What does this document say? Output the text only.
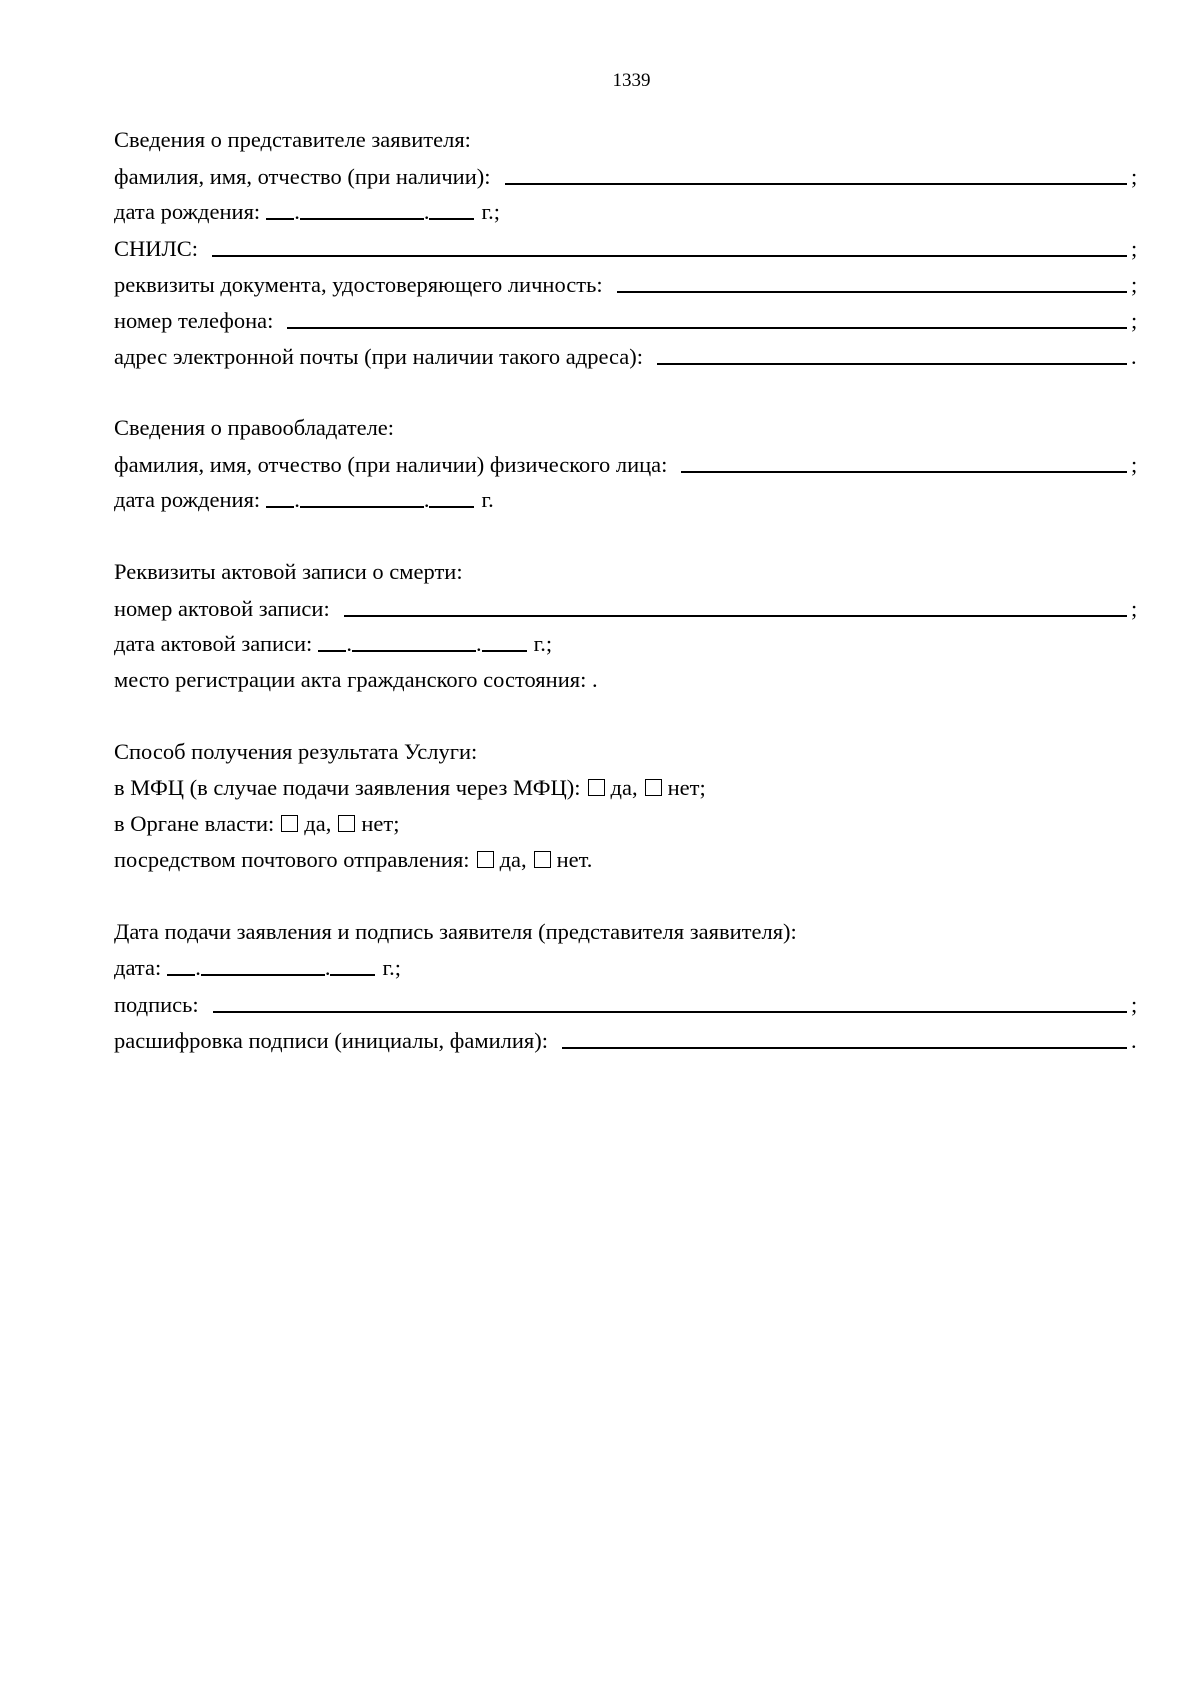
1339
Сведения о представителе заявителя:
фамилия, имя, отчество (при наличии):	;
дата рождения: .	. г.;
СНИЛС:	;
реквизиты документа, удостоверяющего личность:	;
номер телефона:	;
адрес электронной почты (при наличии такого адреса):	.
Сведения о правообладателе:
фамилия, имя, отчество (при наличии) физического лица:	;
дата рождения: .	. г.
Реквизиты актовой записи о смерти:
номер актовой записи:	;
дата актовой записи: .	. г.;
место регистрации акта гражданского состояния: .
Способ получения результата Услуги:
в МФЦ (в случае подачи заявления через МФЦ): да, нет;
в Органе власти: да, нет;
посредством почтового отправления: да, нет.
Дата подачи заявления и подпись заявителя (представителя заявителя):
дата: .	. г.;
подпись:	;
расшифровка подписи (инициалы, фамилия):	.
